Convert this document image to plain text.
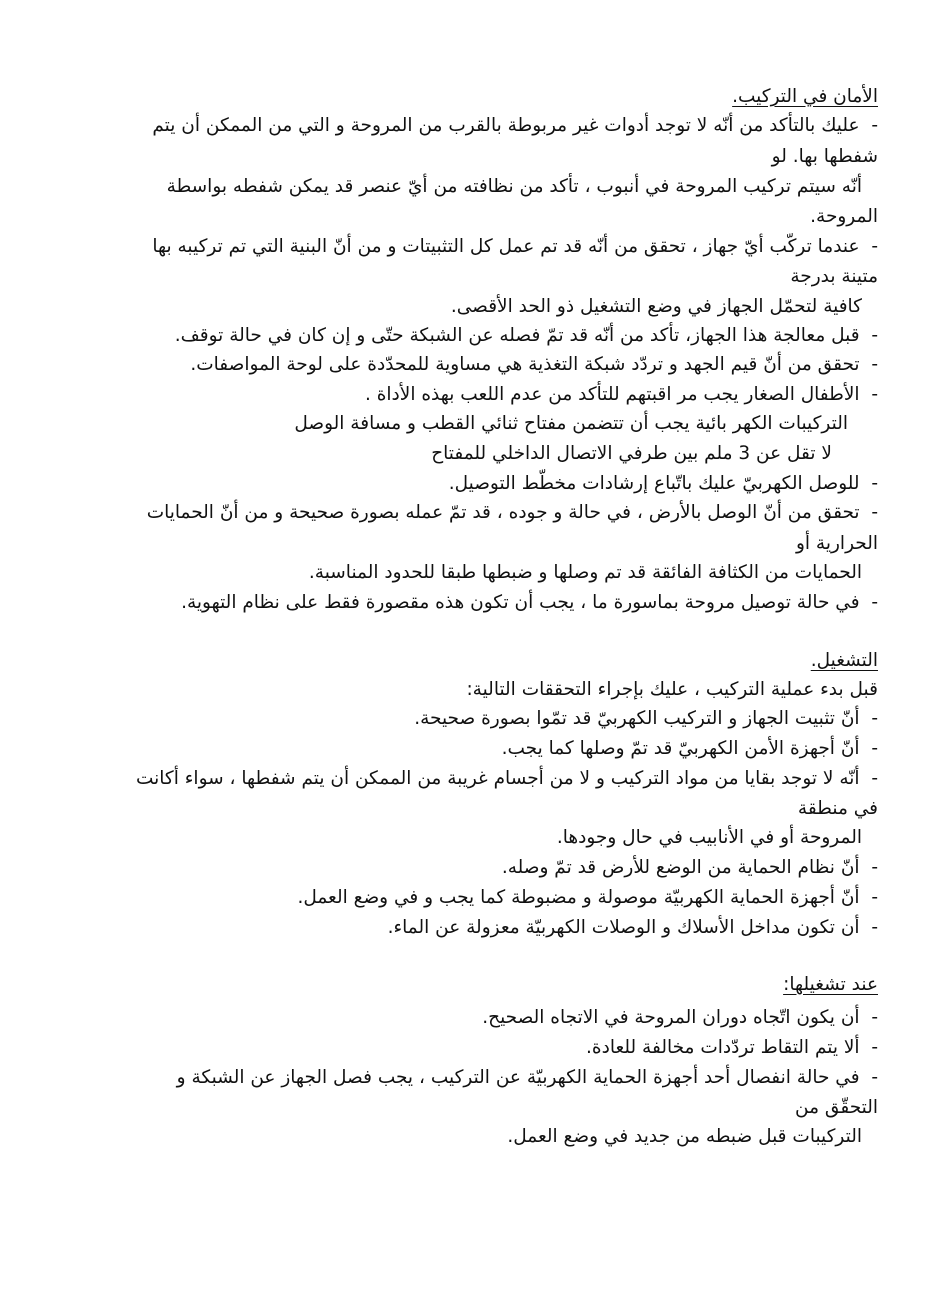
الأمان في التركيب.
-  عليك بالتأكد من أنّه لا توجد أدوات غير مربوطة بالقرب من المروحة و التي من الممكن أن يتم
شفطها بها. لو
أنّه سيتم تركيب المروحة في أنبوب ، تأكد من نظافته من أيّ عنصر قد يمكن شفطه بواسطة
المروحة.
-  عندما تركّب أيّ جهاز ، تحقق من أنّه قد تم عمل كل التثبيتات و من أنّ البنية التي تم تركيبه بها
متينة بدرجة
كافية لتحمّل الجهاز في وضع التشغيل ذو الحد الأقصى.
-  قبل معالجة هذا الجهاز، تأكد من أنّه قد تمّ فصله عن الشبكة حتّى و إن كان في حالة توقف.
-  تحقق من أنّ قيم الجهد و تردّد شبكة التغذية هي مساوية للمحدّدة على لوحة المواصفات.
-  الأطفال الصغار يجب مر اقبتهم للتأكد من عدم اللعب بهذه الأداة .
التركيبات الكهر بائية يجب أن تتضمن مفتاح ثنائي القطب و مسافة الوصل
لا تقل عن 3 ملم بين طرفي الاتصال الداخلي للمفتاح
-  للوصل الكهربيّ عليك باتّباع إرشادات مخطّط التوصيل.
-  تحقق من أنّ الوصل بالأرض ، في حالة و جوده ، قد تمّ عمله بصورة صحيحة و من أنّ الحمايات
الحرارية أو
الحمايات من الكثافة الفائقة قد تم وصلها و ضبطها طبقا للحدود المناسبة.
-  في حالة توصيل مروحة بماسورة ما ، يجب أن تكون هذه مقصورة فقط على نظام التهوية.
التشغيل.
قبل بدء عملية التركيب ، عليك بإجراء التحققات التالية:
-  أنّ تثبيت الجهاز و التركيب الكهربيّ قد تمّوا بصورة صحيحة.
-  أنّ أجهزة الأمن الكهربيّ قد تمّ وصلها كما يجب.
-  أنّه لا توجد بقايا من مواد التركيب و لا من أجسام غريبة من الممكن أن يتم شفطها ، سواء أكانت
في منطقة
المروحة أو في الأنابيب في حال وجودها.
-  أنّ نظام الحماية من الوضع للأرض قد تمّ وصله.
-  أنّ أجهزة الحماية الكهربيّة موصولة و مضبوطة كما يجب و في وضع العمل.
-  أن تكون مداخل الأسلاك و الوصلات الكهربيّة معزولة عن الماء.
عند تشغيلها:
-  أن يكون اتّجاه دوران المروحة في الاتجاه الصحيح.
-  ألا يتم التقاط تردّدات مخالفة للعادة.
-  في حالة انفصال أحد أجهزة الحماية الكهربيّة عن التركيب ، يجب فصل الجهاز عن الشبكة و
التحقّق من
التركيبات قبل ضبطه من جديد في وضع العمل.
